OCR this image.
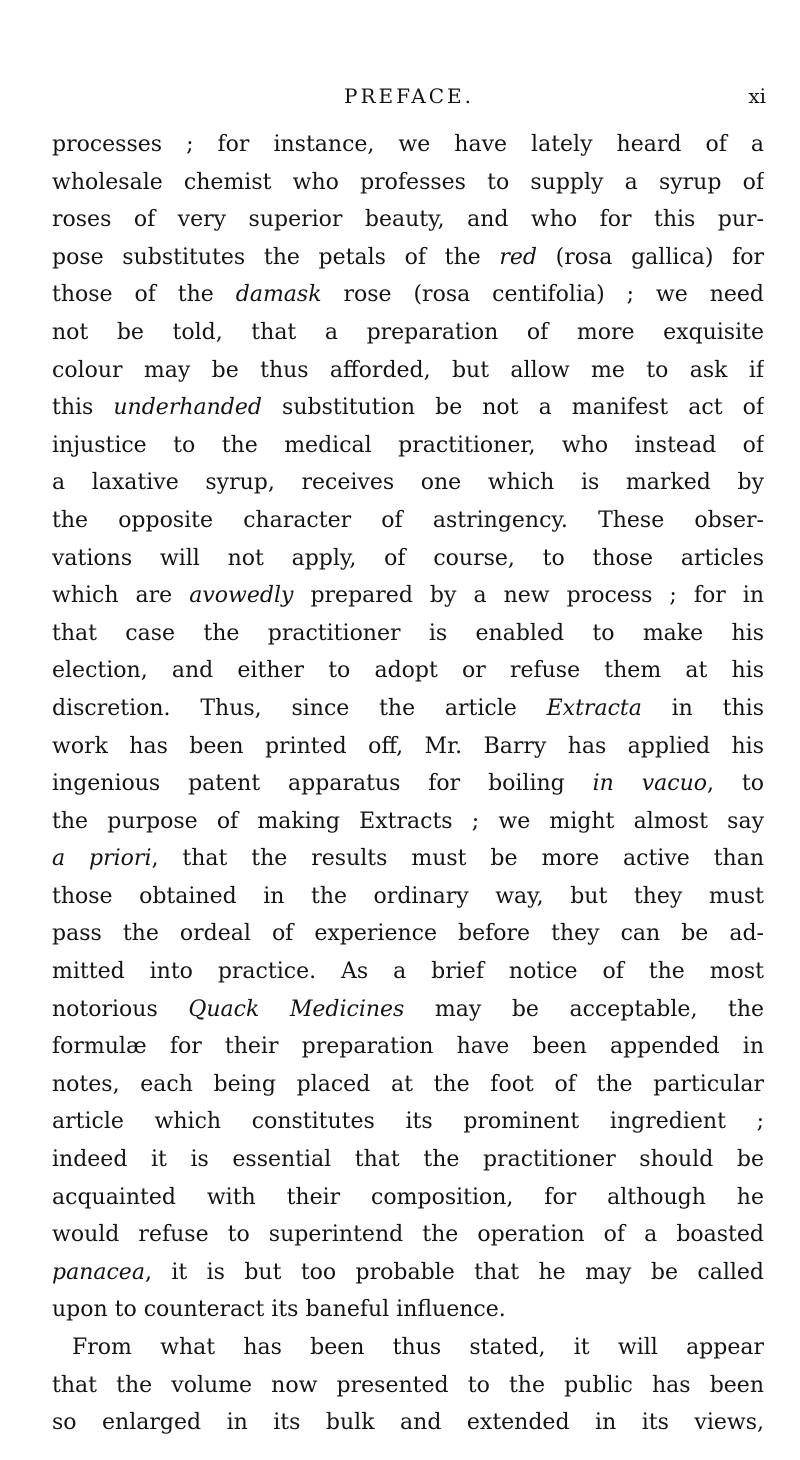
PREFACE.	xi
processes ; for instance, we have lately heard of a
wholesale chemist who professes to supply a syrup of
roses of very superior beauty, and who for this pur-
pose substitutes the petals of the red (rosa gallica) for
those of the damask rose (rosa centifolia) ; we need
not be told, that a preparation of more exquisite
colour may be thus afforded, but allow me to ask if
this underhanded substitution be not a manifest act of
injustice to the medical practitioner, who instead of
a laxative syrup, receives one which is marked by
the opposite character of astringency. These obser-
vations will not apply, of course, to those articles
which are avowedly prepared by a new process ; for in
that case the practitioner is enabled to make his
election, and either to adopt or refuse them at his
discretion. Thus, since the article Extracta in this
work has been printed off, Mr. Barry has applied his
ingenious patent apparatus for boiling in vacuo, to
the purpose of making Extracts ; we might almost say
a priori, that the results must be more active than
those obtained in the ordinary way, but they must
pass the ordeal of experience before they can be ad-
mitted into practice. As a brief notice of the most
notorious Quack Medicines may be acceptable, the
formulæ for their preparation have been appended in
notes, each being placed at the foot of the particular
article which constitutes its prominent ingredient ;
indeed it is essential that the practitioner should be
acquainted with their composition, for although he
would refuse to superintend the operation of a boasted
panacea, it is but too probable that he may be called
upon to counteract its baneful influence.
From what has been thus stated, it will appear
that the volume now presented to the public has been
so enlarged in its bulk and extended in its views,
